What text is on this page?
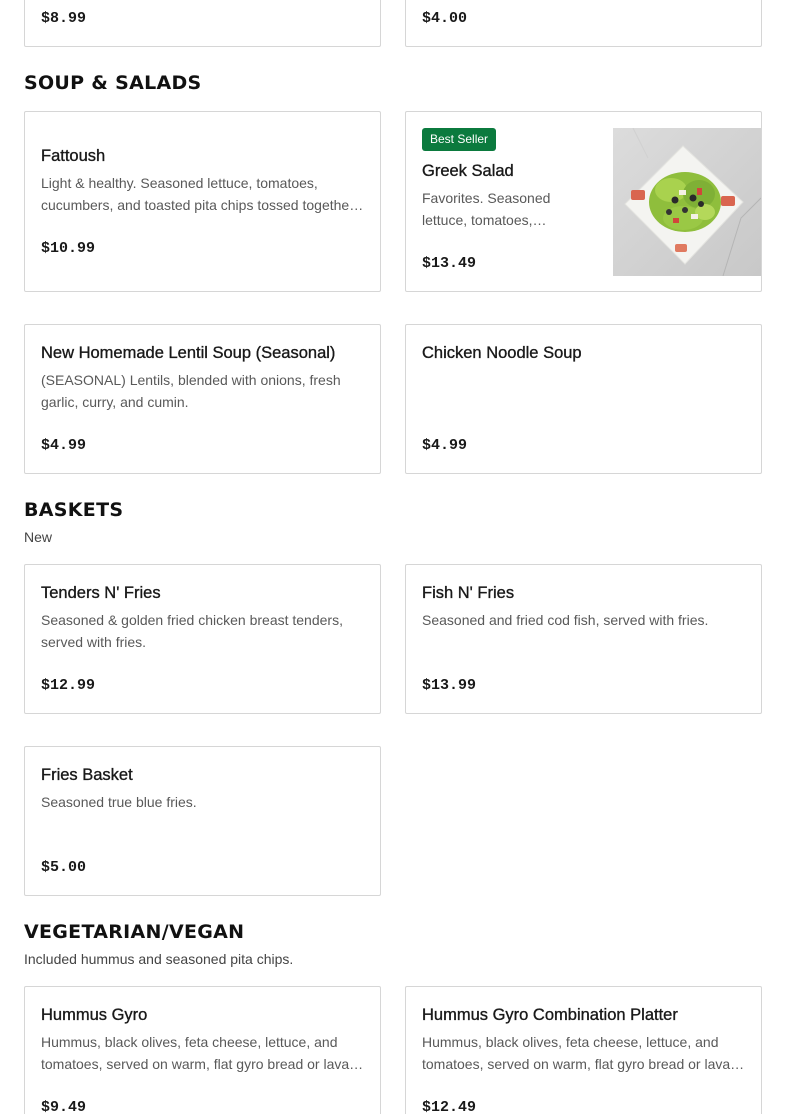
$8.99	$4.00
SOUP & SALADS
Fattoush
Light & healthy. Seasoned lettuce, tomatoes, cucumbers, and toasted pita chips tossed together
$10.99
Best Seller
Greek Salad
Favorites. Seasoned lettuce, tomatoes,
$13.49
New Homemade Lentil Soup (Seasonal)
(SEASONAL) Lentils, blended with onions, fresh garlic, curry, and cumin.
$4.99
Chicken Noodle Soup
$4.99
BASKETS
New
Tenders N' Fries
Seasoned & golden fried chicken breast tenders, served with fries.
$12.99
Fish N' Fries
Seasoned and fried cod fish, served with fries.
$13.99
Fries Basket
Seasoned true blue fries.
$5.00
VEGETARIAN/VEGAN
Included hummus and seasoned pita chips.
Hummus Gyro
Hummus, black olives, feta cheese, lettuce, and tomatoes, served on warm, flat gyro bread or lavash
$9.49
Hummus Gyro Combination Platter
Hummus, black olives, feta cheese, lettuce, and tomatoes, served on warm, flat gyro bread or lavash
$12.49
